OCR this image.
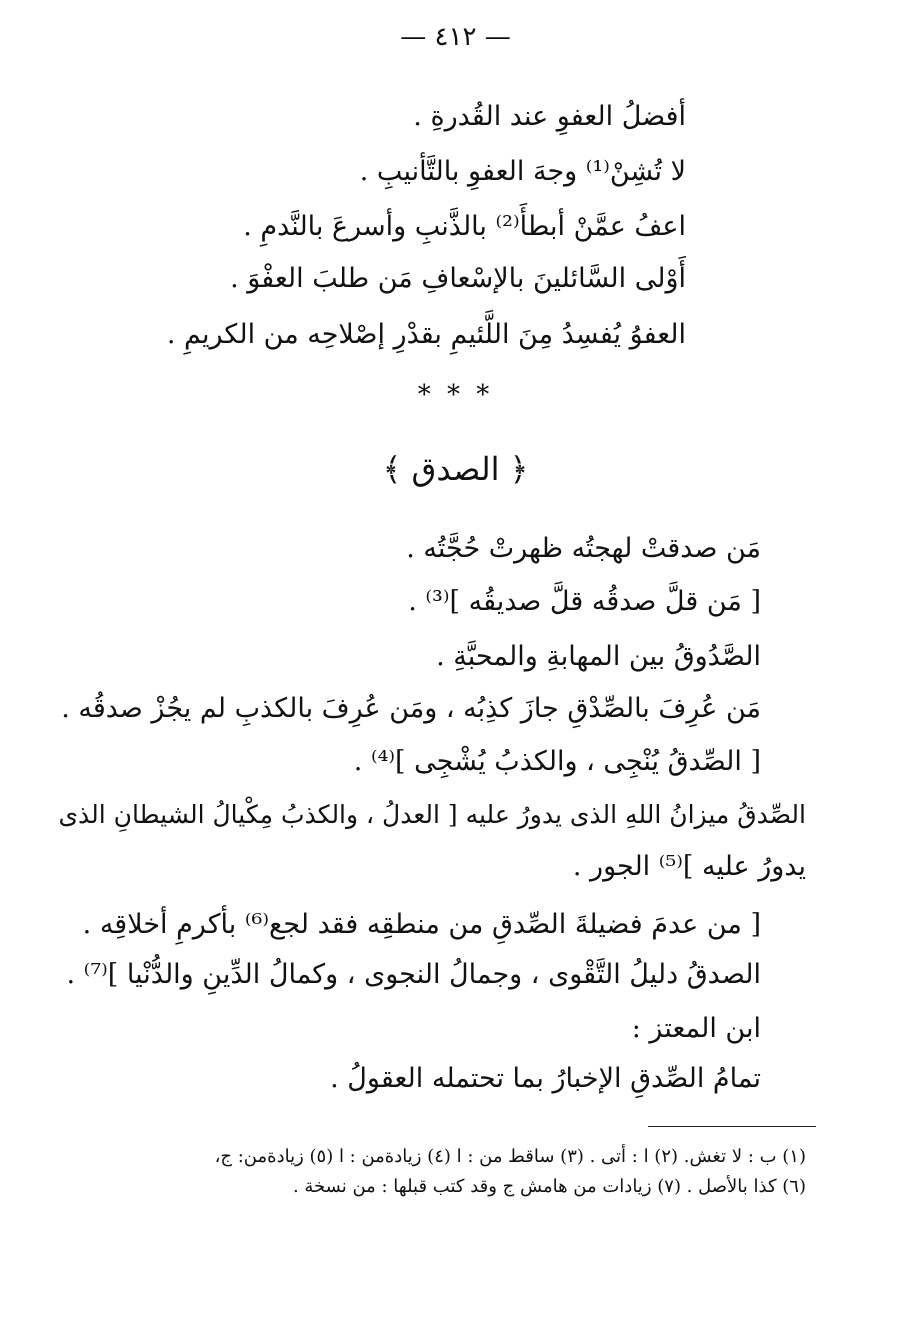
— ٤١٢ —
أفضلُ العفوِ عند القُدرةِ .
لا تُشِنْ⁽¹⁾ وجهَ العفوِ بالتَّأنيبِ .
اعفُ عمَّنْ أبطأَ⁽²⁾ بالذَّنبِ وأسرعَ بالنَّدمِ .
أَوْلى السَّائلينَ بالإسْعافِ مَن طلبَ العفْوَ .
العفوُ يُفسِدُ مِنَ اللَّئيمِ بقدْرِ إصْلاحِه من الكريمِ .
* * *
﴿ الصدق ﴾
مَن صدقتْ لهجتُه ظهرتْ حُجَّتُه .
[ مَن قلَّ صدقُه قلَّ صديقُه ]⁽³⁾ .
الصَّدُوقُ بين المهابةِ والمحبَّةِ .
مَن عُرِفَ بالصِّدْقِ جازَ كذِبُه ، ومَن عُرِفَ بالكذبِ لم يجُزْ صدقُه .
[ الصِّدقُ يُنْجِى ، والكذبُ يُشْجِى ]⁽⁴⁾ .
الصِّدقُ ميزانُ اللهِ الذى يدورُ عليه [ العدلُ ، والكذبُ مِكْيالُ الشيطانِ الذى
يدورُ عليه ]⁽⁵⁾ الجور .
[ من عدمَ فضيلةَ الصِّدقِ من منطقِه فقد لجع⁽⁶⁾ بأكرمِ أخلاقِه .
الصدقُ دليلُ التَّقْوى ، وجمالُ النجوى ، وكمالُ الدِّينِ والدُّنْيا ]⁽⁷⁾ .
ابن المعتز :
تمامُ الصِّدقِ الإخبارُ بما تحتمله العقولُ .
(١) ب : لا تغش. (٢) ا : أتى . (٣) ساقط من : ا (٤) زيادةمن : ا (٥) زيادةمن: ج،
(٦) كذا بالأصل . (٧) زيادات من هامش ج وقد كتب قبلها : من نسخة .
